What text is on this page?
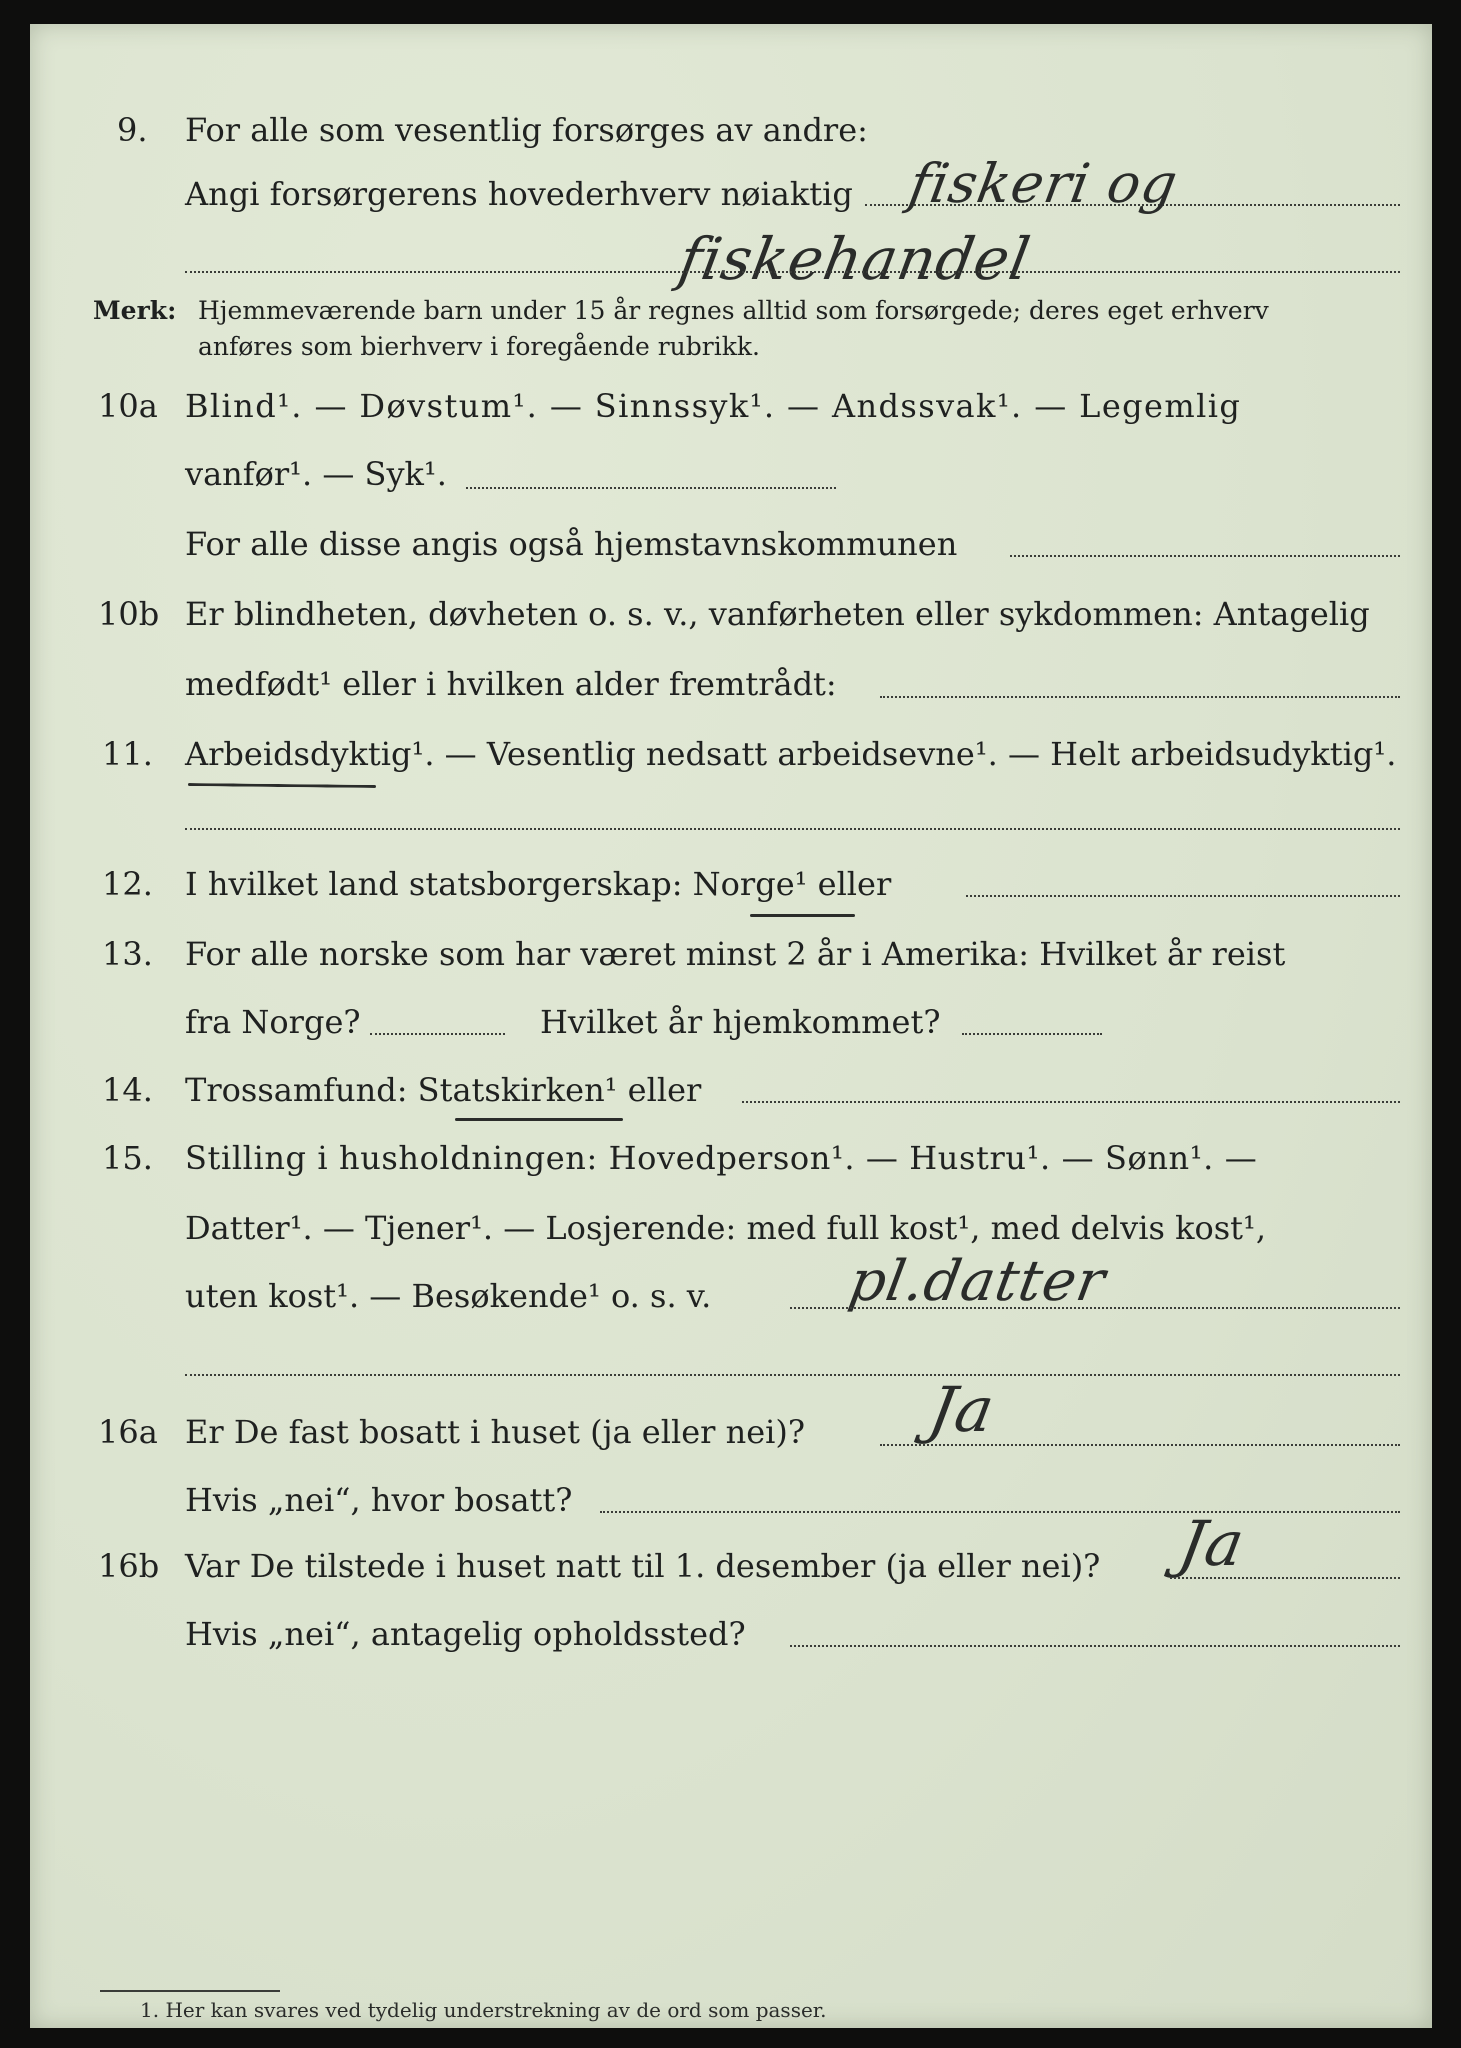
9. For alle som vesentlig forsørges av andre:
Angi forsørgerens hovederhverv nøiaktig fiskeri og
fiskehandel
Merk: Hjemmeværende barn under 15 år regnes alltid som forsørgede; deres eget erhverv
anføres som bierhverv i foregående rubrikk.
10a Blind¹. — Døvstum¹. — Sinnssyk¹. — Andssvak¹. — Legemlig
vanfør¹. — Syk¹.
For alle disse angis også hjemstavnskommunen
10b Er blindheten, døvheten o. s. v., vanførheten eller sykdommen: Antagelig
medfødt¹ eller i hvilken alder fremtrådt:
11. Arbeidsdyktig¹. — Vesentlig nedsatt arbeidsevne¹. — Helt arbeidsudyktig¹.
12. I hvilket land statsborgerskap: Norge¹ eller
13. For alle norske som har været minst 2 år i Amerika: Hvilket år reist
fra Norge?	Hvilket år hjemkommet?
14. Trossamfund: Statskirken¹ eller
15. Stilling i husholdningen: Hovedperson¹. — Hustru¹. — Sønn¹. —
Datter¹. — Tjener¹. — Losjerende: med full kost¹, med delvis kost¹,
uten kost¹. — Besøkende¹ o. s. v. pl.datter
16a Er De fast bosatt i huset (ja eller nei)? Ja
Hvis „nei“, hvor bosatt?
16b Var De tilstede i huset natt til 1. desember (ja eller nei)? Ja
Hvis „nei“, antagelig opholdssted?
1. Her kan svares ved tydelig understrekning av de ord som passer.
